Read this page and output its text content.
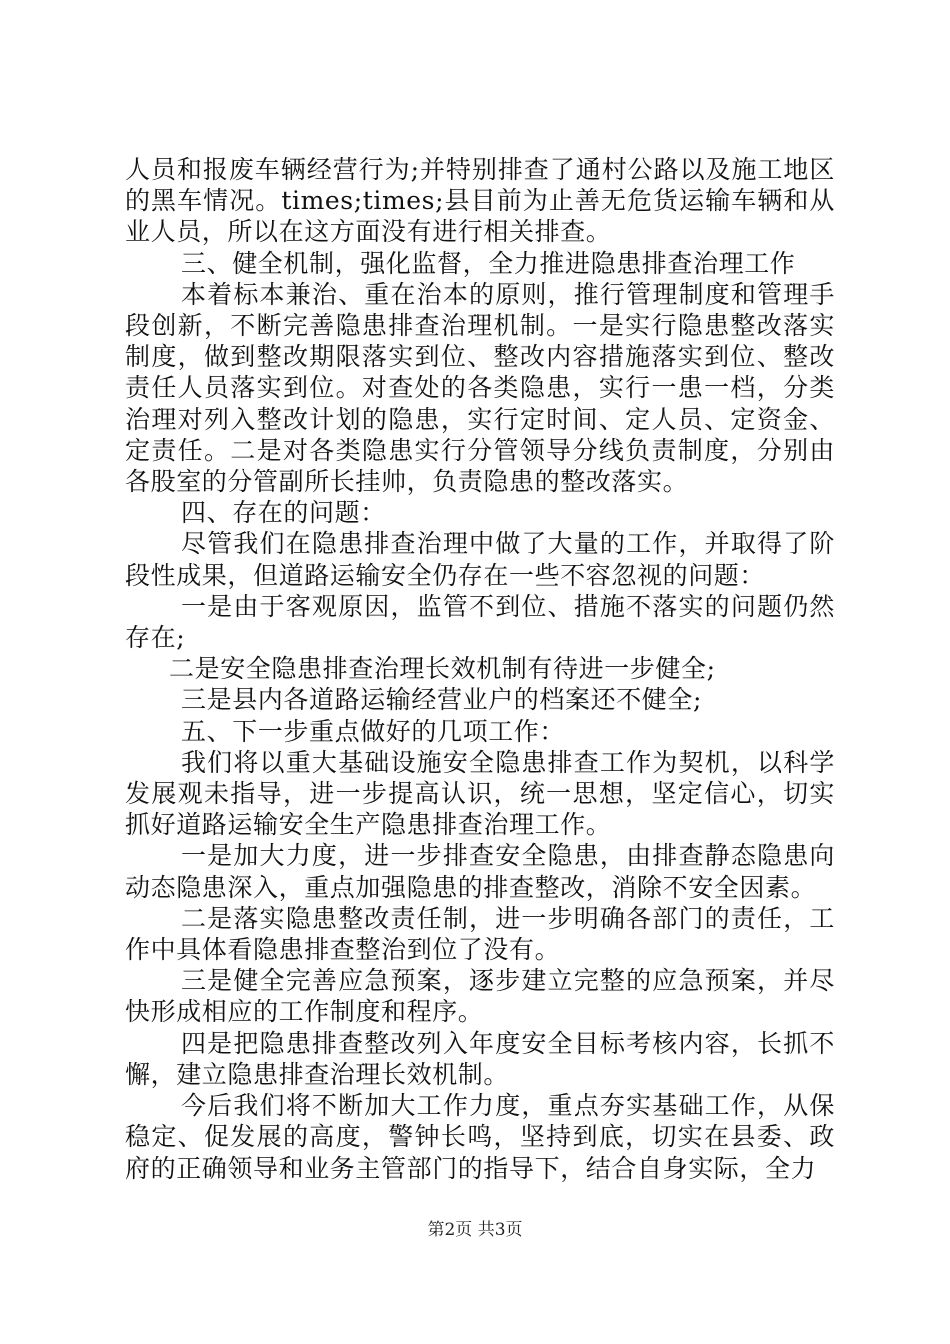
人员和报废车辆经营行为;并特别排查了通村公路以及施工地区的黑车情况。times;times;县目前为止善无危货运输车辆和从业人员，所以在这方面没有进行相关排查。

三、健全机制，强化监督，全力推进隐患排查治理工作

本着标本兼治、重在治本的原则，推行管理制度和管理手段创新，不断完善隐患排查治理机制。一是实行隐患整改落实制度，做到整改期限落实到位、整改内容措施落实到位、整改责任人员落实到位。对查处的各类隐患，实行一患一档，分类治理对列入整改计划的隐患，实行定时间、定人员、定资金、定责任。二是对各类隐患实行分管领导分线负责制度，分别由各股室的分管副所长挂帅，负责隐患的整改落实。

四、存在的问题：

尽管我们在隐患排查治理中做了大量的工作，并取得了阶段性成果，但道路运输安全仍存在一些不容忽视的问题：

一是由于客观原因，监管不到位、措施不落实的问题仍然存在;

二是安全隐患排查治理长效机制有待进一步健全;

三是县内各道路运输经营业户的档案还不健全;

五、下一步重点做好的几项工作：

我们将以重大基础设施安全隐患排查工作为契机，以科学发展观未指导，进一步提高认识，统一思想，坚定信心，切实抓好道路运输安全生产隐患排查治理工作。

一是加大力度，进一步排查安全隐患，由排查静态隐患向动态隐患深入，重点加强隐患的排查整改，消除不安全因素。

二是落实隐患整改责任制，进一步明确各部门的责任，工作中具体看隐患排查整治到位了没有。

三是健全完善应急预案，逐步建立完整的应急预案，并尽快形成相应的工作制度和程序。

四是把隐患排查整改列入年度安全目标考核内容，长抓不懈，建立隐患排查治理长效机制。

今后我们将不断加大工作力度，重点夯实基础工作，从保稳定、促发展的高度，警钟长鸣，坚持到底，切实在县委、政府的正确领导和业务主管部门的指导下，结合自身实际，全力

第2页 共3页
